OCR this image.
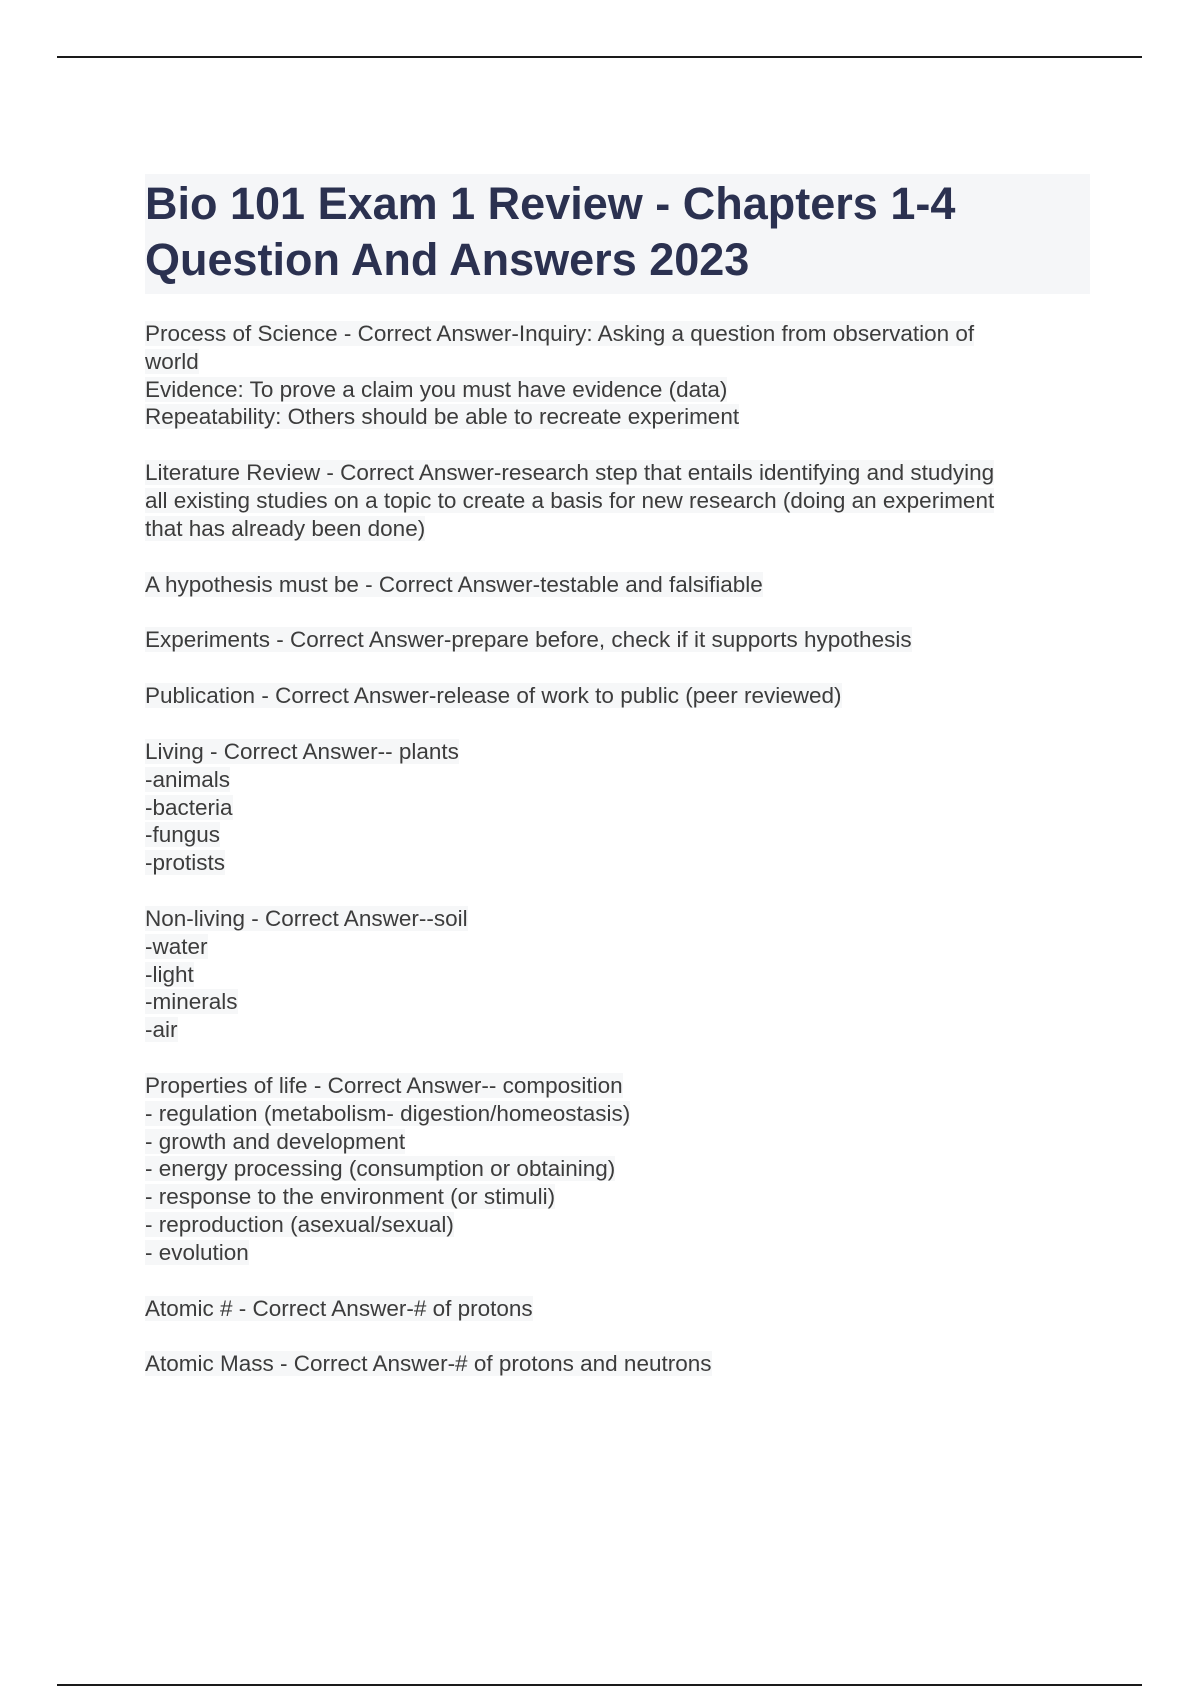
Bio 101 Exam 1 Review - Chapters 1-4
Question And Answers 2023

Process of Science - Correct Answer-Inquiry: Asking a question from observation of
world
Evidence: To prove a claim you must have evidence (data)
Repeatability: Others should be able to recreate experiment

Literature Review - Correct Answer-research step that entails identifying and studying
all existing studies on a topic to create a basis for new research (doing an experiment
that has already been done)

A hypothesis must be - Correct Answer-testable and falsifiable

Experiments - Correct Answer-prepare before, check if it supports hypothesis

Publication - Correct Answer-release of work to public (peer reviewed)

Living - Correct Answer-- plants
-animals
-bacteria
-fungus
-protists

Non-living - Correct Answer--soil
-water
-light
-minerals
-air

Properties of life - Correct Answer-- composition
- regulation (metabolism- digestion/homeostasis)
- growth and development
- energy processing (consumption or obtaining)
- response to the environment (or stimuli)
- reproduction (asexual/sexual)
- evolution

Atomic # - Correct Answer-# of protons

Atomic Mass - Correct Answer-# of protons and neutrons
